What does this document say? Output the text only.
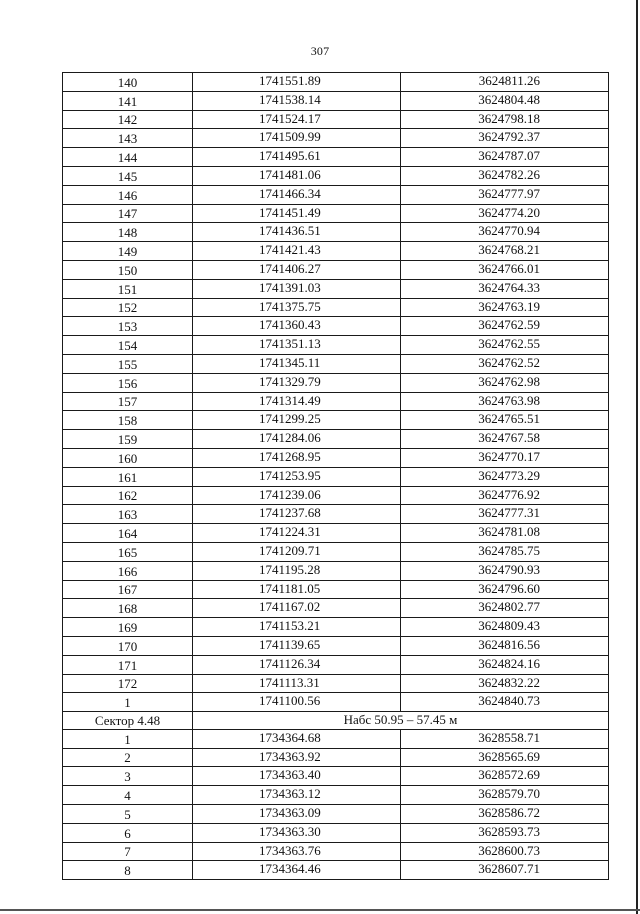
307
140	1741551.89	3624811.26
141	1741538.14	3624804.48
142	1741524.17	3624798.18
143	1741509.99	3624792.37
144	1741495.61	3624787.07
145	1741481.06	3624782.26
146	1741466.34	3624777.97
147	1741451.49	3624774.20
148	1741436.51	3624770.94
149	1741421.43	3624768.21
150	1741406.27	3624766.01
151	1741391.03	3624764.33
152	1741375.75	3624763.19
153	1741360.43	3624762.59
154	1741351.13	3624762.55
155	1741345.11	3624762.52
156	1741329.79	3624762.98
157	1741314.49	3624763.98
158	1741299.25	3624765.51
159	1741284.06	3624767.58
160	1741268.95	3624770.17
161	1741253.95	3624773.29
162	1741239.06	3624776.92
163	1741237.68	3624777.31
164	1741224.31	3624781.08
165	1741209.71	3624785.75
166	1741195.28	3624790.93
167	1741181.05	3624796.60
168	1741167.02	3624802.77
169	1741153.21	3624809.43
170	1741139.65	3624816.56
171	1741126.34	3624824.16
172	1741113.31	3624832.22
1	1741100.56	3624840.73
Сектор 4.48	Набс 50.95 – 57.45 м	
1	1734364.68	3628558.71
2	1734363.92	3628565.69
3	1734363.40	3628572.69
4	1734363.12	3628579.70
5	1734363.09	3628586.72
6	1734363.30	3628593.73
7	1734363.76	3628600.73
8	1734364.46	3628607.71
